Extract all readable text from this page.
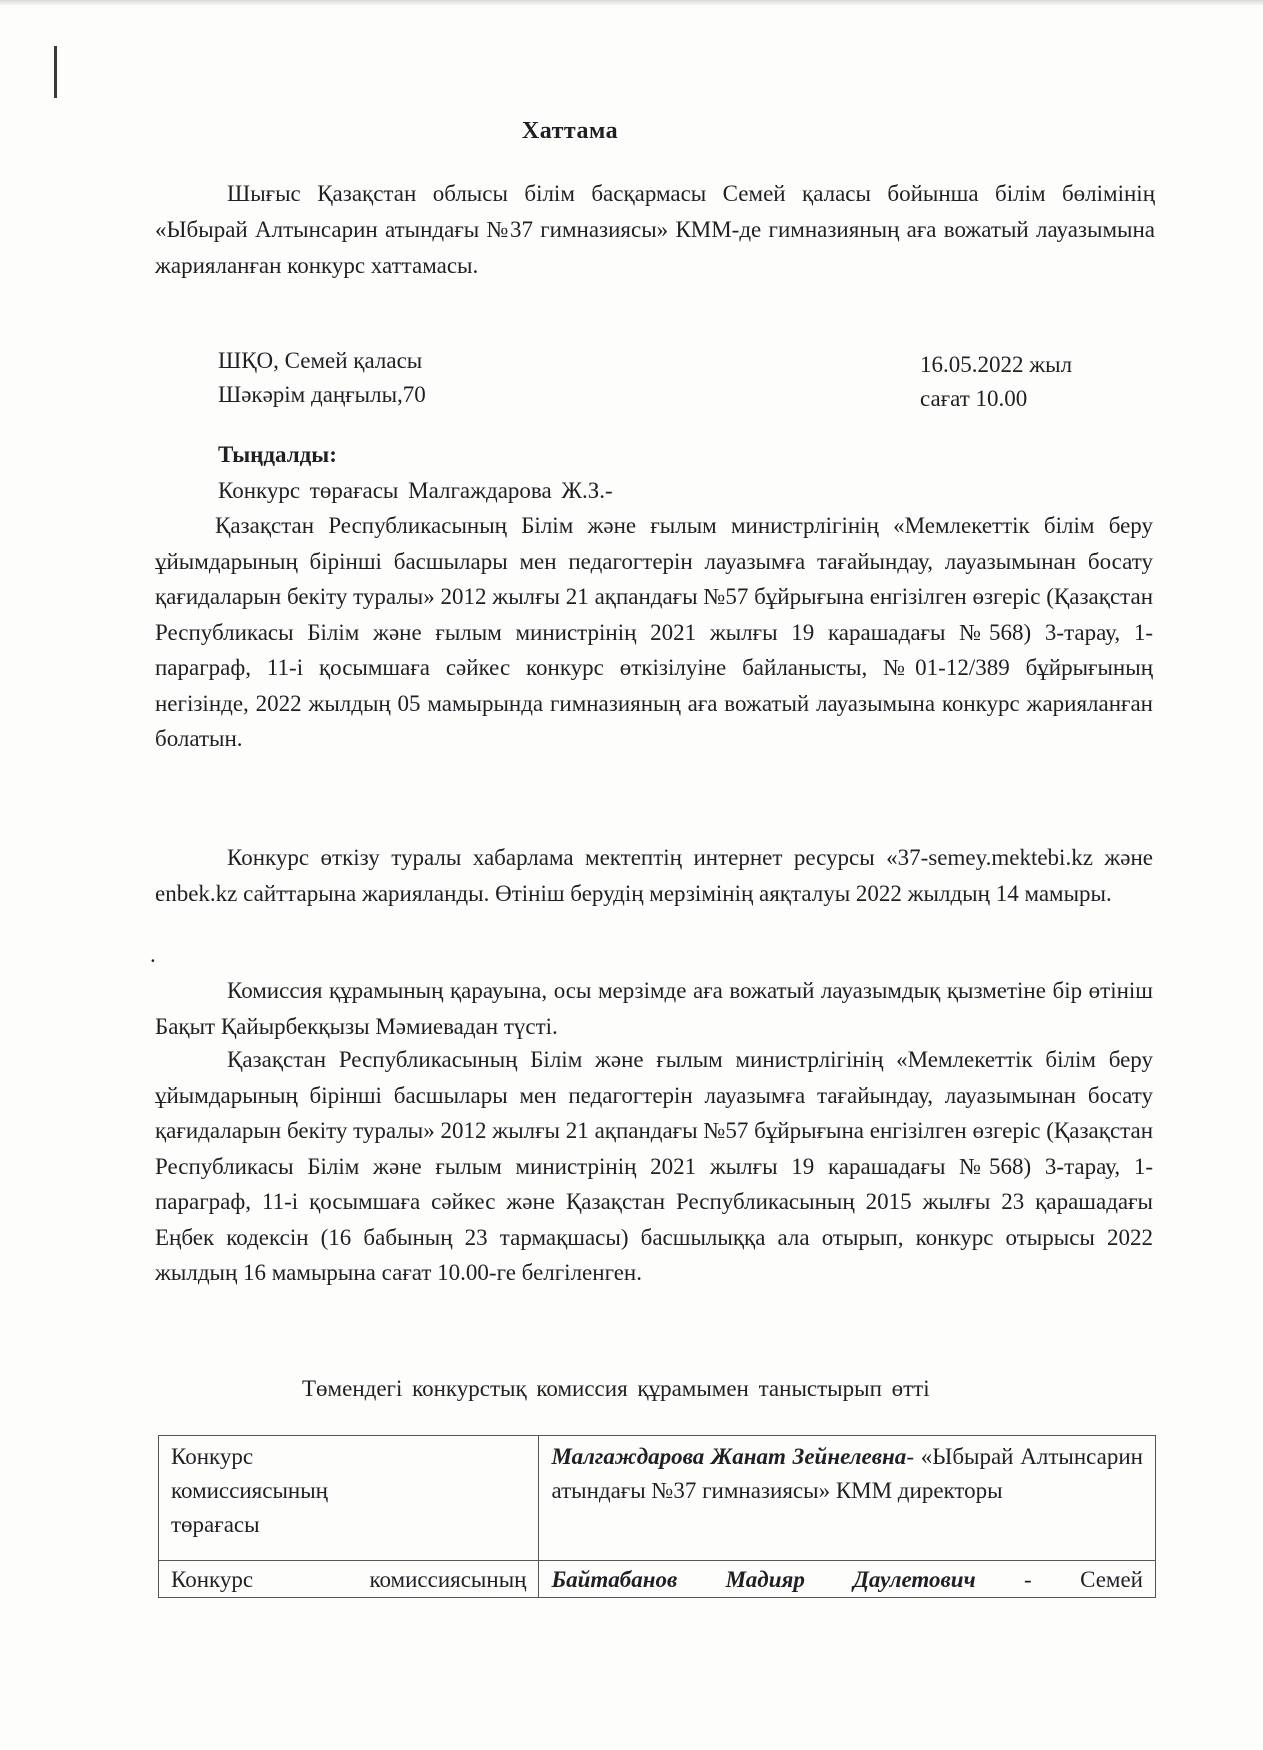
Хаттама
Шығыс Қазақстан облысы білім басқармасы Семей қаласы бойынша білім бөлімінің «Ыбырай Алтынсарин атындағы №37 гимназиясы» КММ-де гимназияның аға вожатый лауазымына жарияланған конкурс хаттамасы.
ШҚО, Семей қаласы
Шәкәрім даңғылы,70
16.05.2022 жыл
сағат 10.00
Тыңдалды:
Конкурс төрағасы Малгаждарова Ж.З.-
Қазақстан Республикасының Білім және ғылым министрлігінің «Мемлекеттік білім беру ұйымдарының бірінші басшылары мен педагогтерін лауазымға тағайындау, лауазымынан босату қағидаларын бекіту туралы» 2012 жылғы 21 ақпандағы №57 бұйрығына енгізілген өзгеріс (Қазақстан Республикасы Білім және ғылым министрінің 2021 жылғы 19 карашадағы №568) 3-тарау, 1-параграф, 11-і қосымшаға сәйкес конкурс өткізілуіне байланысты, №01-12/389 бұйрығының негізінде, 2022 жылдың 05 мамырында гимназияның аға вожатый лауазымына конкурс жарияланған болатын.
Конкурс өткізу туралы хабарлама мектептің интернет ресурсы «37-semey.mektebi.kz және enbek.kz сайттарына жарияланды. Өтініш берудің мерзімінің аяқталуы 2022 жылдың 14 мамыры.
.
Комиссия құрамының қарауына, осы мерзімде аға вожатый лауазымдық қызметіне бір өтініш Бақыт Қайырбекқызы Мәмиевадан түсті.
Қазақстан Республикасының Білім және ғылым министрлігінің «Мемлекеттік білім беру ұйымдарының бірінші басшылары мен педагогтерін лауазымға тағайындау, лауазымынан босату қағидаларын бекіту туралы» 2012 жылғы 21 ақпандағы №57 бұйрығына енгізілген өзгеріс (Қазақстан Республикасы Білім және ғылым министрінің 2021 жылғы 19 карашадағы №568) 3-тарау, 1-параграф, 11-і қосымшаға сәйкес және Қазақстан Республикасының 2015 жылғы 23 қарашадағы Еңбек кодексін (16 бабының 23 тармақшасы) басшылыққа ала отырып, конкурс отырысы 2022 жылдың 16 мамырына сағат 10.00-ге белгіленген.
Төмендегі конкурстық комиссия құрамымен таныстырып өтті
Конкурс комиссиясының төрағасы	Малгаждарова Жанат Зейнелевна- «Ыбырай Алтынсарин атындағы №37 гимназиясы» КММ директоры
Конкурс комиссиясының	Байтабанов Мадияр Даулетович - Семей
